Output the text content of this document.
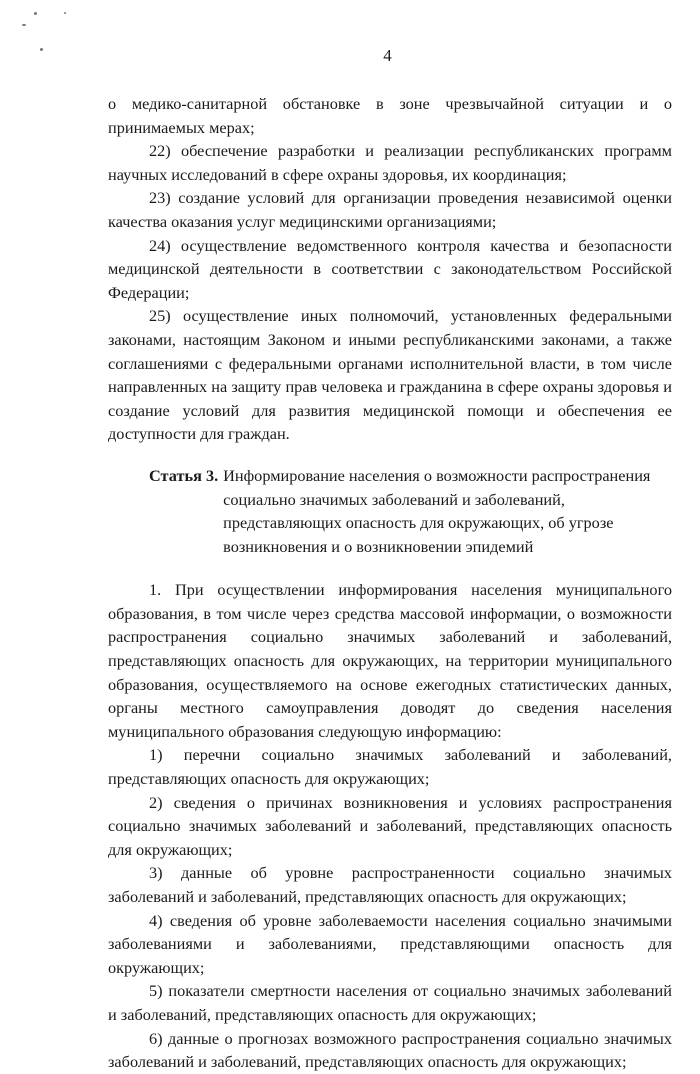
4

о медико-санитарной обстановке в зоне чрезвычайной ситуации и о принимаемых мерах;

22) обеспечение разработки и реализации республиканских программ научных исследований в сфере охраны здоровья, их координация;

23) создание условий для организации проведения независимой оценки качества оказания услуг медицинскими организациями;

24) осуществление ведомственного контроля качества и безопасности медицинской деятельности в соответствии с законодательством Российской Федерации;

25) осуществление иных полномочий, установленных федеральными законами, настоящим Законом и иными республиканскими законами, а также соглашениями с федеральными органами исполнительной власти, в том числе направленных на защиту прав человека и гражданина в сфере охраны здоровья и создание условий для развития медицинской помощи и обеспечения ее доступности для граждан.

Статья 3. Информирование населения о возможности распространения социально значимых заболеваний и заболеваний, представляющих опасность для окружающих, об угрозе возникновения и о возникновении эпидемий

1. При осуществлении информирования населения муниципального образования, в том числе через средства массовой информации, о возможности распространения социально значимых заболеваний и заболеваний, представляющих опасность для окружающих, на территории муниципального образования, осуществляемого на основе ежегодных статистических данных, органы местного самоуправления доводят до сведения населения муниципального образования следующую информацию:

1) перечни социально значимых заболеваний и заболеваний, представляющих опасность для окружающих;

2) сведения о причинах возникновения и условиях распространения социально значимых заболеваний и заболеваний, представляющих опасность для окружающих;

3) данные об уровне распространенности социально значимых заболеваний и заболеваний, представляющих опасность для окружающих;

4) сведения об уровне заболеваемости населения социально значимыми заболеваниями и заболеваниями, представляющими опасность для окружающих;

5) показатели смертности населения от социально значимых заболеваний и заболеваний, представляющих опасность для окружающих;

6) данные о прогнозах возможного распространения социально значимых заболеваний и заболеваний, представляющих опасность для окружающих;
